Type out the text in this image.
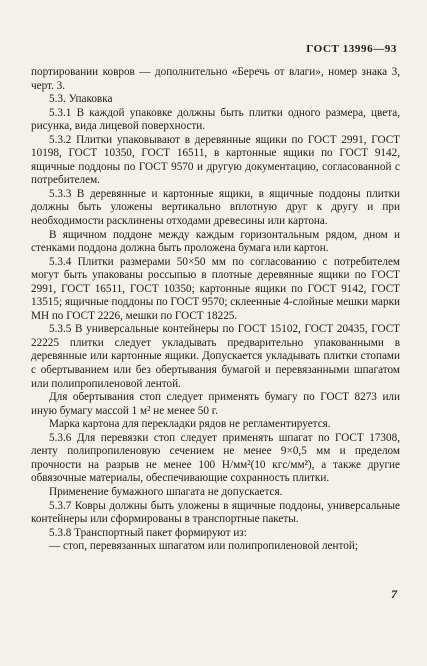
ГОСТ 13996—93

портировании ковров — дополнительно «Беречь от влаги», номер знака 3, черт. 3.

5.3. Упаковка

5.3.1 В каждой упаковке должны быть плитки одного размера, цвета, рисунка, вида лицевой поверхности.

5.3.2 Плитки упаковывают в деревянные ящики по ГОСТ 2991, ГОСТ 10198, ГОСТ 10350, ГОСТ 16511, в картонные ящики по ГОСТ 9142, ящичные поддоны по ГОСТ 9570 и другую документацию, согласованной с потребителем.

5.3.3 В деревянные и картонные ящики, в ящичные поддоны плитки должны быть уложены вертикально вплотную друг к другу и при необходимости расклинены отходами древесины или картона.

В ящичном поддоне между каждым горизонтальным рядом, дном и стенками поддона должна быть проложена бумага или картон.

5.3.4 Плитки размерами 50×50 мм по согласованию с потребителем могут быть упакованы россыпью в плотные деревянные ящики по ГОСТ 2991, ГОСТ 16511, ГОСТ 10350; картонные ящики по ГОСТ 9142, ГОСТ 13515; ящичные поддоны по ГОСТ 9570; склеенные 4-слойные мешки марки МН по ГОСТ 2226, мешки по ГОСТ 18225.

5.3.5 В универсальные контейнеры по ГОСТ 15102, ГОСТ 20435, ГОСТ 22225 плитки следует укладывать предварительно упакованными в деревянные или картонные ящики. Допускается укладывать плитки стопами с обертыванием или без обертывания бумагой и перевязанными шпагатом или полипропиленовой лентой.

Для обертывания стоп следует применять бумагу по ГОСТ 8273 или иную бумагу массой 1 м² не менее 50 г.

Марка картона для перекладки рядов не регламентируется.

5.3.6 Для перевязки стоп следует применять шпагат по ГОСТ 17308, ленту полипропиленовую сечением не менее 9×0,5 мм и пределом прочности на разрыв не менее 100 Н/мм²(10 кгс/мм²), а также другие обвязочные материалы, обеспечивающие сохранность плитки.

Применение бумажного шпагата не допускается.

5.3.7 Ковры должны быть уложены в ящичные поддоны, универсальные контейнеры или сформированы в транспортные пакеты.

5.3.8 Транспортный пакет формируют из:

— стоп, перевязанных шпагатом или полипропиленовой лентой;

7
